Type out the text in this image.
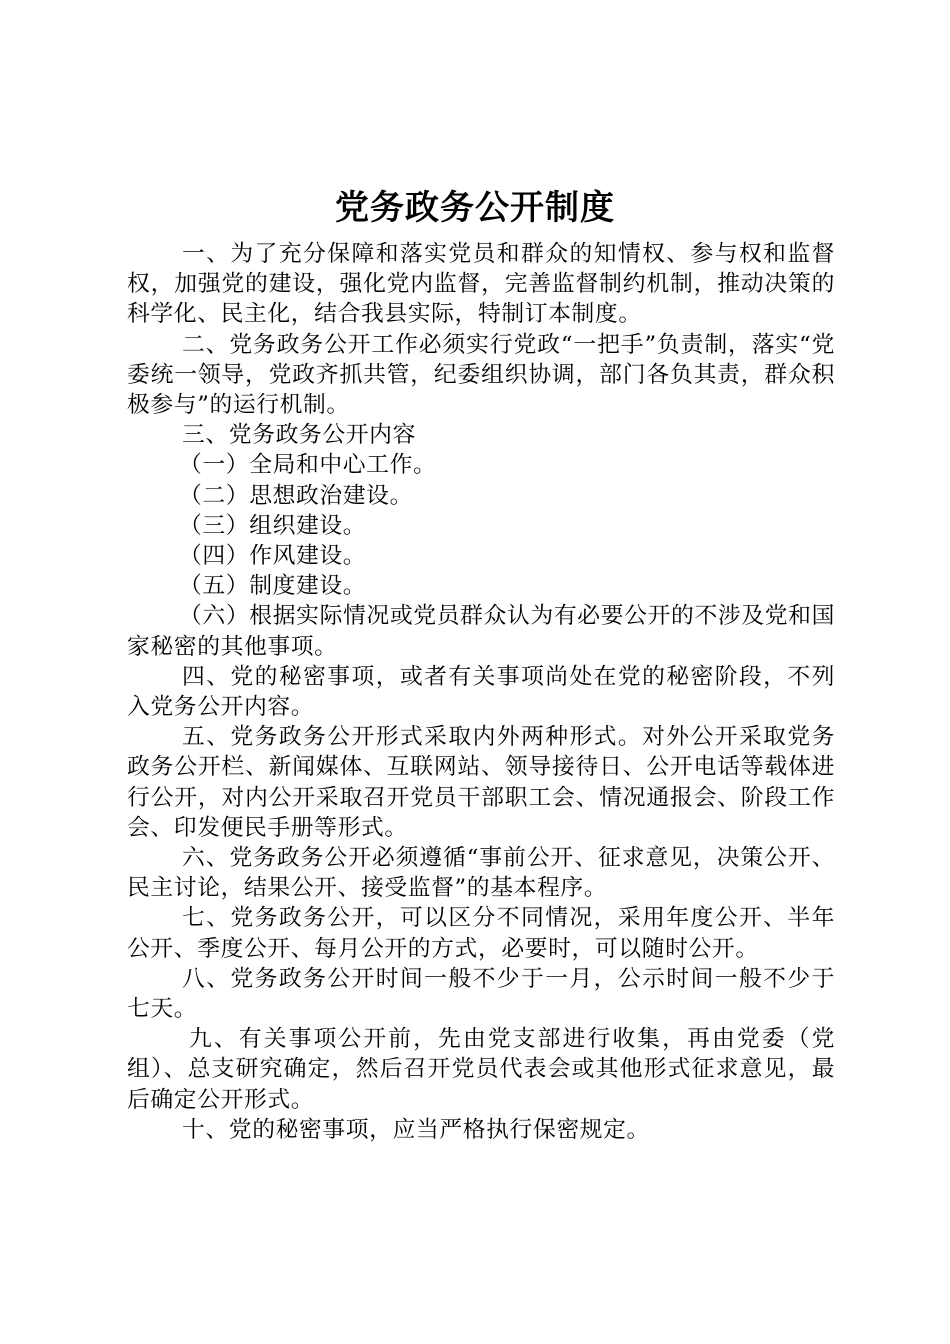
党务政务公开制度

一、为了充分保障和落实党员和群众的知情权、参与权和监督权，加强党的建设，强化党内监督，完善监督制约机制，推动决策的科学化、民主化，结合我县实际，特制订本制度。

二、党务政务公开工作必须实行党政“一把手”负责制，落实“党委统一领导，党政齐抓共管，纪委组织协调，部门各负其责，群众积极参与”的运行机制。

三、党务政务公开内容

（一）全局和中心工作。

（二）思想政治建设。

（三）组织建设。

（四）作风建设。

（五）制度建设。

（六）根据实际情况或党员群众认为有必要公开的不涉及党和国家秘密的其他事项。

四、党的秘密事项，或者有关事项尚处在党的秘密阶段，不列入党务公开内容。

五、党务政务公开形式采取内外两种形式。对外公开采取党务政务公开栏、新闻媒体、互联网站、领导接待日、公开电话等载体进行公开，对内公开采取召开党员干部职工会、情况通报会、阶段工作会、印发便民手册等形式。

六、党务政务公开必须遵循“事前公开、征求意见，决策公开、民主讨论，结果公开、接受监督”的基本程序。

七、党务政务公开，可以区分不同情况，采用年度公开、半年公开、季度公开、每月公开的方式，必要时，可以随时公开。

八、党务政务公开时间一般不少于一月，公示时间一般不少于七天。

九、有关事项公开前，先由党支部进行收集，再由党委（党组）、总支研究确定，然后召开党员代表会或其他形式征求意见，最后确定公开形式。

十、党的秘密事项，应当严格执行保密规定。
